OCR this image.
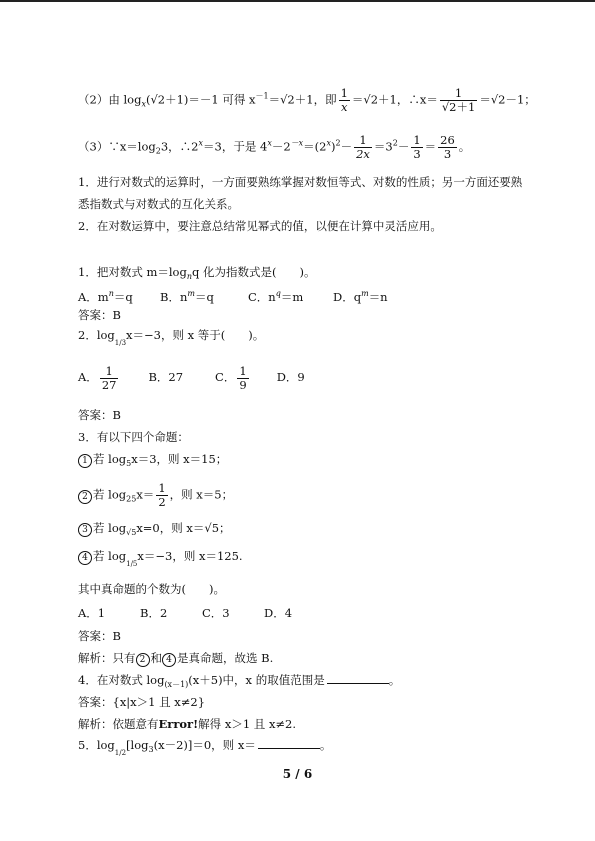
（2）由 $\log_x(√2+1)=-1$ 可得 $x^{-1}=√2+1$，即 $\frac{1}{x} =√2+1$，∴x＝ $\frac{1}{√2+1} =√2-1$；
$(3)\because x=\log_23$，$\therefore 2^x=3$，于是 $4^x-2^{-x}=(2^x)^2- \frac{1}{2x} =3^2- \frac{1}{3} = \frac{26}{3}$ 。
1．进行对数式的运算时，一方面要熟练掌握对数恒等式、对数的性质；另一方面还要熟
悉指数式与对数式的互化关系。
2．在对数运算中，要注意总结常见幂式的值，以便在计算中灵活应用。
1．把对数式 $m=\log_nq$ 化为指数式是(　　)。
A．$m^n=q$ B．$n^m=q$	C．$n^q=m$	D．$q^m=n$
答案：B
2．$\log_{1/3}x=-3$，则 x 等于(　　)。
A． $\frac{1}{27}$	B．27	C． $\frac{1}{9}$ D．9
答案：B
3．有以下四个命题：
1 若 $\log_5x=3$，则 x＝15；
2 若 $\log_{25}x= \frac{1}{2}$ ，则 x＝5；
3 若 $\log_{√5}x=0$，则 x＝√5；
4 若 $\log_{1/5}x=-3$，则 x＝125.
其中真命题的个数为(　　)。
A．1	B．2	C．3	D．4
答案：B
解析：只有 2 和 4 是真命题，故选 B.
4．在对数式 $\log_{(x-1)}(x+5)$中，x 的取值范围是	。
答案：{x|x＞1 且 x≠2}
解析：依题意有Error!解得 x＞1 且 x≠2.
5．$\log_{1/2}[\log_3(x-2)]=0$，则 x＝	。
5 / 6
